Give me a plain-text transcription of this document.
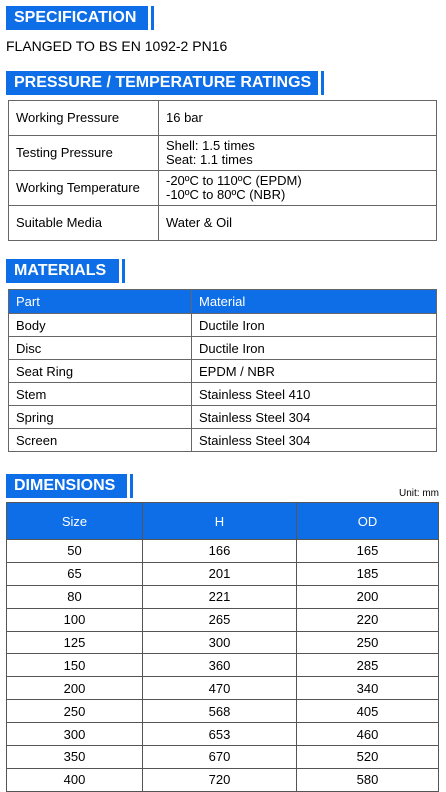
SPECIFICATION
FLANGED TO BS EN 1092-2 PN16
PRESSURE / TEMPERATURE RATINGS
Working Pressure	16 bar

Testing Pressure	Shell: 1.5 times
Seat: 1.1 times

Working Temperature	-20ºC to 110ºC (EPDM)
-10ºC to 80ºC (NBR)

Suitable Media	Water & Oil
MATERIALS
Part	Material
Body	Ductile Iron
Disc	Ductile Iron
Seat Ring	EPDM / NBR
Stem	Stainless Steel 410
Spring	Stainless Steel 304
Screen	Stainless Steel 304
DIMENSIONS	Unit: mm
Size	H	OD
50	166	165
65	201	185
80	221	200
100	265	220
125	300	250
150	360	285
200	470	340
250	568	405
300	653	460
350	670	520
400	720	580
